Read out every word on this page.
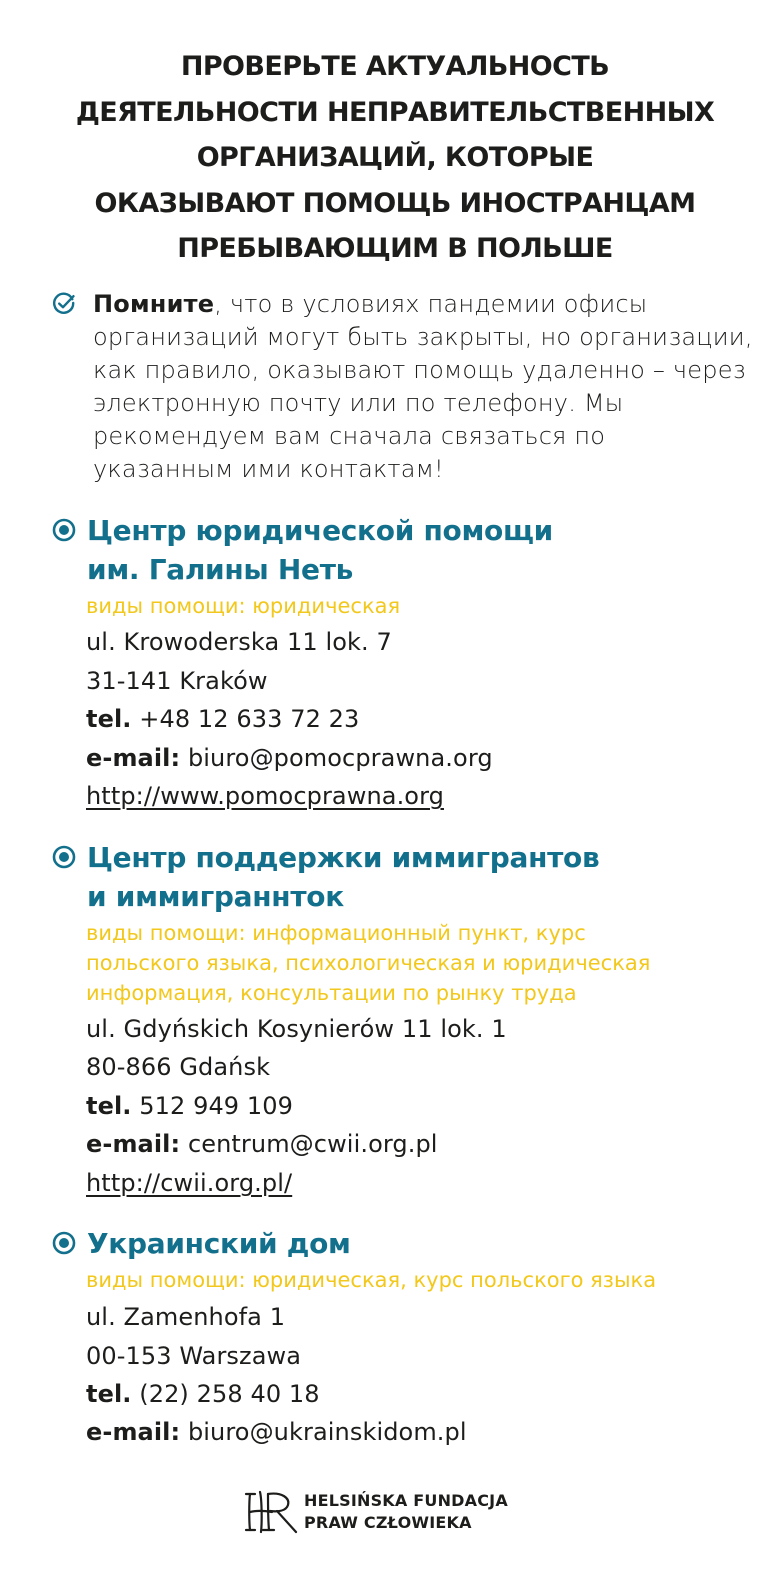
ПРОВЕРЬТЕ АКТУАЛЬНОСТЬ
ДЕЯТЕЛЬНОСТИ НЕПРАВИТЕЛЬСТВЕННЫХ
ОРГАНИЗАЦИЙ, КОТОРЫЕ
ОКАЗЫВАЮТ ПОМОЩЬ ИНОСТРАНЦАМ
ПРЕБЫВАЮЩИМ В ПОЛЬШЕ
Помните, что в условиях пандемии офисы организаций могут быть закрыты, но организации, как правило, оказывают помощь удаленно – через электронную почту или по телефону. Мы рекомендуем вам сначала связаться по указанным ими контактам!
Центр юридической помощи
им. Галины Неть

виды помощи: юридическая

ul. Krowoderska 11 lok. 7

31-141 Kraków

tel. +48 12 633 72 23

e-mail: biuro@pomocprawna.org

http://www.pomocprawna.org

Центр поддержки иммигрантов
и иммиграннток

виды помощи: информационный пункт, курс
польского языка, психологическая и юридическая
информация, консультации по рынку труда

ul. Gdyńskich Kosynierów 11 lok. 1

80-866 Gdańsk

tel. 512 949 109

e-mail: centrum@cwii.org.pl

http://cwii.org.pl/

Украинский дом

виды помощи: юридическая, курс польского языка

ul. Zamenhofa 1

00-153 Warszawa

tel. (22) 258 40 18

e-mail: biuro@ukrainskidom.pl

HELSIŃSKA FUNDACJA
PRAW CZŁOWIEKA
